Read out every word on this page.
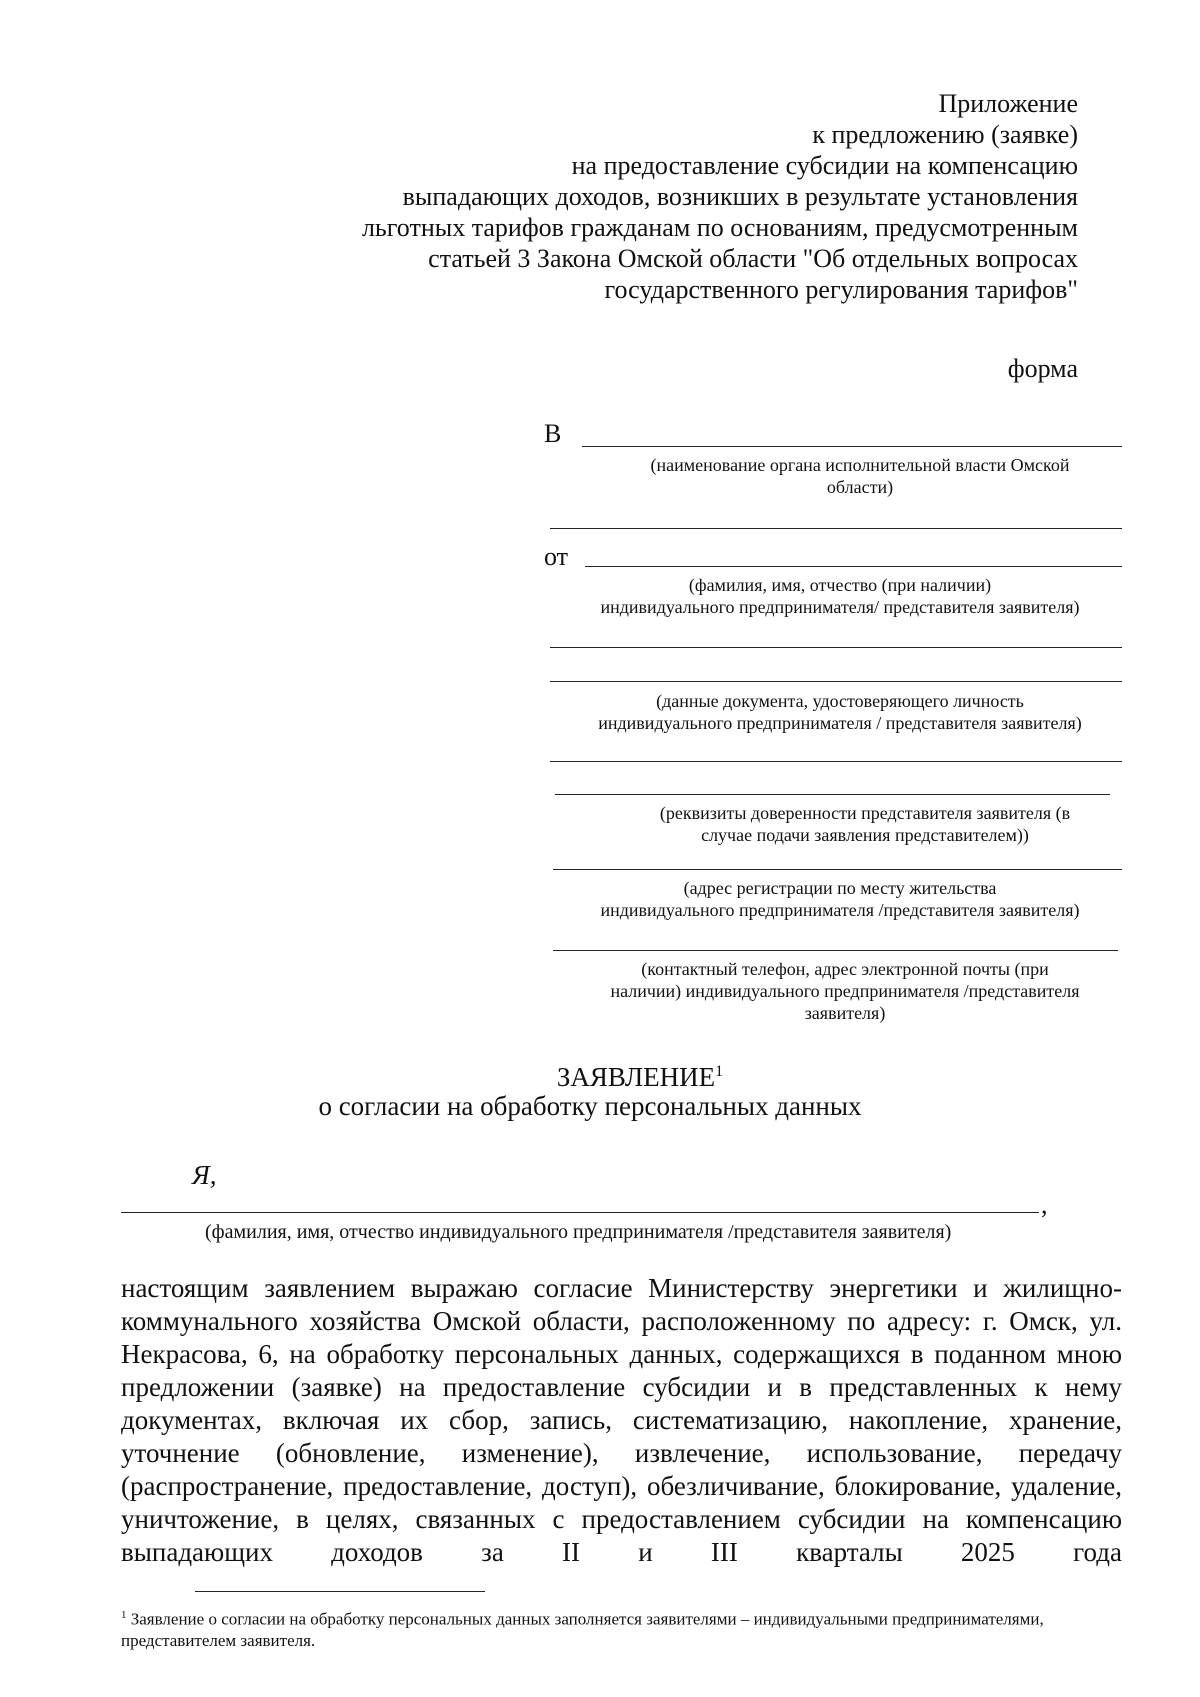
Приложение
к предложению (заявке)
на предоставление субсидии на компенсацию
выпадающих доходов, возникших в результате установления
льготных тарифов гражданам по основаниям, предусмотренным
статьей 3 Закона Омской области "Об отдельных вопросах
государственного регулирования тарифов"
форма
В
(наименование органа исполнительной власти Омской
области)
от
(фамилия, имя, отчество (при наличии)
индивидуального предпринимателя/ представителя заявителя)
(данные документа, удостоверяющего личность
индивидуального предпринимателя / представителя заявителя)
(реквизиты доверенности представителя заявителя (в
случае подачи заявления представителем))
(адрес регистрации по месту жительства
индивидуального предпринимателя /представителя заявителя)
(контактный телефон, адрес электронной почты (при
наличии) индивидуального предпринимателя /представителя
заявителя)
ЗАЯВЛЕНИЕ$^1$
о согласии на обработку персональных данных
Я,
,
(фамилия, имя, отчество индивидуального предпринимателя /представителя заявителя)
настоящим заявлением выражаю согласие Министерству энергетики и жилищно-коммунального хозяйства Омской области, расположенному по адресу: г. Омск, ул. Некрасова, 6, на обработку персональных данных, содержащихся в поданном мною предложении (заявке) на предоставление субсидии и в представленных к нему документах, включая их сбор, запись, систематизацию, накопление, хранение, уточнение (обновление, изменение), извлечение, использование, передачу (распространение, предоставление, доступ), обезличивание, блокирование, удаление, уничтожение, в целях, связанных с предоставлением субсидии на компенсацию выпадающих доходов за II и III кварталы 2025 года
$^1$ Заявление о согласии на обработку персональных данных заполняется заявителями – индивидуальными предпринимателями, представителем заявителя.
